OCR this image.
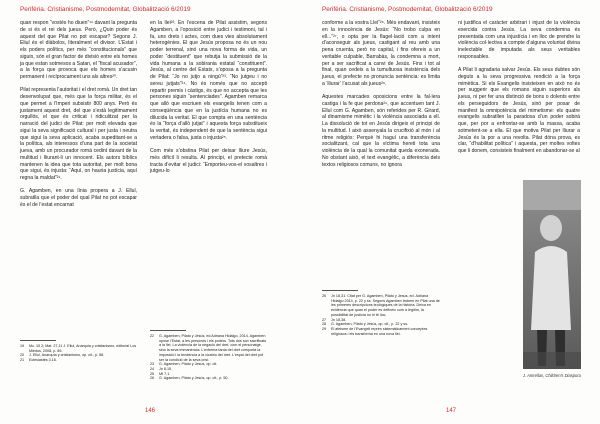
Perifèria. Cristianisme, Postmodernitat, Globalització 6/2019

quan respon “vostès ho diuen”¹⁹ davant la pregunta de si és el rei dels jueus. Però, ¿Quin poder és aquest del que Pilat no pot escapar? Segons J. Eliul és el diàbolos, literalment el divisor. L’Estat i els poders polítics, per més “constitucionals” que siguin, són el gran factor de divisió entre els homes ja que estan sotmesos a Satan, el “fiscal acusador”, a la força que provoca que els homes s’acusin permanent i recíprocament uns als altres²⁰.

Pilat representa l’autoritat i el dret romà. Un dret tan desenvolupat que, més que la força militar, és el que permet a l’Imperi subsistir 800 anys. Però és justament aquest dret, del que s’està legitimament orgullós, el que és criticat i ridiculitzat per la narració del judici de Pilat: per molt elevada que sigui la seva significació cultural i per justa i neutra que sigui la seva aplicació, acaba supeditant-se a la política, als interessos d’una part de la societat jueva, amb un procurador romà cedint davant de la multitud i lliurant-li un innocent. Els autors bíblics mantenen la idea que tota autoritat, per molt bona que sigui, és injusta: “Aquí, on hauria justícia, aquí regna la maldat”²¹.

G. Agamben, en una línia propera a J. Ellul, subratlla que el poder del qual Pilat no pot escapar és el de l’estat encarnat

en la llei²². En l’escena de Pilat assistim, segons Agamben, a l’oposició entre judici i testimoni, tal i fa, uns drets i actes, com dues vies absolutament heterogènies. El que Jesús proposa no és un nou poder terrenal, sinó una nova forma de vida, un poder “destituent” que rebutja la submissió de la vida humana a la sobirania estatal “constituent”. Jesús, al centre del Estats, s’oposa a la pregunta de Pilat: “Jo no jutjo a ningú”²³. “No jutgeu i no sereu jutjats”²⁴. No és només que no accepti repartir premis i càstigs, és que no accepta que les persones siguin “sentenciades”. Agamben remarca que allò que escriuen els evangelis tenen com a conseqüència que en la justícia humana no es dilucida la veritat. El que compta en una sentència és la “força d’allò jutjat” i aquesta força substitueix la veritat, és independent de que la sentència sigui vertadera o falsa, justa o injusta²⁵.

Com més s’obstina Pilat per deixar lliure Jesús, més difícil li resulta. Al principi, el pretecte romà tracta d’evitar el judici: “Emporteu-vos-el vosaltres i jutgeu-lo

19	Mc. 15 2; Mat. 27,11 J. Eliul, Anarquia y cristianismo, editorial Los Miedos, 2008, p. 89.
20	J. Ellul, Anarquía y cristianismo, op. cit., p. 58.
21	Eclesiastès 3,16.
22	G. Agamben, Pilato y Jesús, ed Adriana Hidalgo, 2014. Agamben opose l’Estat, a les persones i els poders. Tots dos són sacrificats a la llei. La violència de la negació del dret, com el personatge, sinó la seva immanència. L’extrema tanta del dret comporta la imposició i la tendència a la cicatriu del dret. L’espai del dret pot ser la condició de la seva crisi.
23	G. Agamben, Pilato y Jesús, op. cit.
24	Jn 8,15.
25	Mt 7,1.
26	G. Agamben, Pilato y Jesús, op. cit., p. 50.
146
Perifèria. Cristianisme, Postmodernitat, Globalització 6/2019

conforme a la vostra Llei”²⁶. Més endavant, insisteix en la innocència de Jesús: “No trobo culpa en ell...”²⁷, o opta per la flagel·lació com a intent d’aconseguir als jueus, castigant al reu amb una pena cruenta, però no capital, i fins ofereix a un veritable culpable, Barrabàs, la condemna a mort, per a ser sacrificat a canvi de Jesús. Fins i tot al final, quan cedeix a la tumultuosa insistència dels jueus, el prefecte no pronuncia sentència: es limita a ‘lliurar’ l’acusat als jueus²⁸.

Aquestes marcades oposicions entre la fal·lera castiga i la fe que perdona²⁹, que accentuen tant J. Ellul com G. Agamben, són referides per R. Girard, al dinamisme mimètic i la violència associada a ell. La dissolució de tot en Jesús dirigeix el principi de la multitud. I això assenyala la crucifixió al món i al ritme religiós: Perquè hi haguí una transferència socialitzant, cal que la víctima hereti tota una violència de la qual la comunitat queda exonerada. No obstant això, el text evangèlic, a diferència dels textos religiosos comuns, no ignora

ni justifica el caràcter arbitrari i injust de la violència exercida contra Jesús. La seva condemna és presentada com una injustícia i en lloc de prendre la violència col·lectiva a compte d’alguna voluntat divina inelectable de imputada als seus veritables responsables.

A Pilat li agradaria salvar Jesús. Els seus dubtes són deguts a la seva progressiva rendició a la força mimètica. Si els Evangelis insisteixen en això no és per suggerir que els romans siguin superiors als jueus, ni per fer una distinció de bons o dolents entre els perseguidors de Jesús, sinó per posar de manifest la omnipotència del mimetisme: els quatre evangelis subratllen la paradoxa d’un poder sobirà que, per por a enfrontar-se amb la massa, acaba sotmetent-se a ella. El que motiva Pilat per lliurar a Jesús és la por a una revolta. Pilat dóna prova, es clar, “d’habilitat política” i aquesta, per moltes voltes que li donem, consisteix finalment en abandonar-se al

J. Amrellas, Children's Diaspora
26	Jn 18,31. Citat per G. Agamben, Pilato y Jesús, ed. Adriana Hidalgo 2014, p. 22 y ss. Segons Agamben trobem en Pilat una de les primeres descripcions teològiques de la història. Deixa en evidència que quan el poder es defineix com a legítim, la possibilitat de justícia no hi té lloc.
27	Jn 18,38.
28	G. Agamben, Pilato y Jesús, op. cit., p. 22 y ss.
29	El ateisme de l’Evangeli reprèn sistemàticament conceptes religiosos i els transforma en una nova llei.
147
